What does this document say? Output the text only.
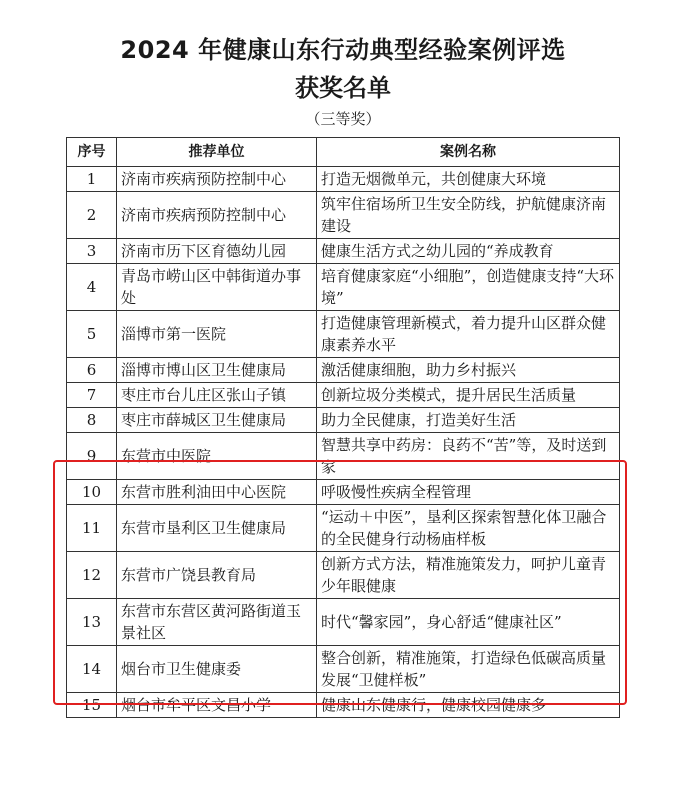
2024 年健康山东行动典型经验案例评选
获奖名单
（三等奖）
序号	推荐单位	案例名称
1	济南市疾病预防控制中心	打造无烟微单元，共创健康大环境
2	济南市疾病预防控制中心	筑牢住宿场所卫生安全防线，护航健康济南建设
3	济南市历下区育德幼儿园	健康生活方式之幼儿园的“养成教育
4	青岛市崂山区中韩街道办事处	培育健康家庭“小细胞”，创造健康支持“大环境”
5	淄博市第一医院	打造健康管理新模式，着力提升山区群众健康素养水平
6	淄博市博山区卫生健康局	激活健康细胞，助力乡村振兴
7	枣庄市台儿庄区张山子镇	创新垃圾分类模式，提升居民生活质量
8	枣庄市薛城区卫生健康局	助力全民健康，打造美好生活
9	东营市中医院	智慧共享中药房：良药不“苦”等，及时送到家
10	东营市胜利油田中心医院	呼吸慢性疾病全程管理
11	东营市垦利区卫生健康局	“运动＋中医”，垦利区探索智慧化体卫融合的全民健身行动杨庙样板
12	东营市广饶县教育局	创新方式方法，精准施策发力，呵护儿童青少年眼健康
13	东营市东营区黄河路街道玉景社区	时代“馨家园”，身心舒适“健康社区”
14	烟台市卫生健康委	整合创新，精准施策，打造绿色低碳高质量发展“卫健样板”
15	烟台市牟平区文昌小学	健康山东健康行，健康校园健康多
